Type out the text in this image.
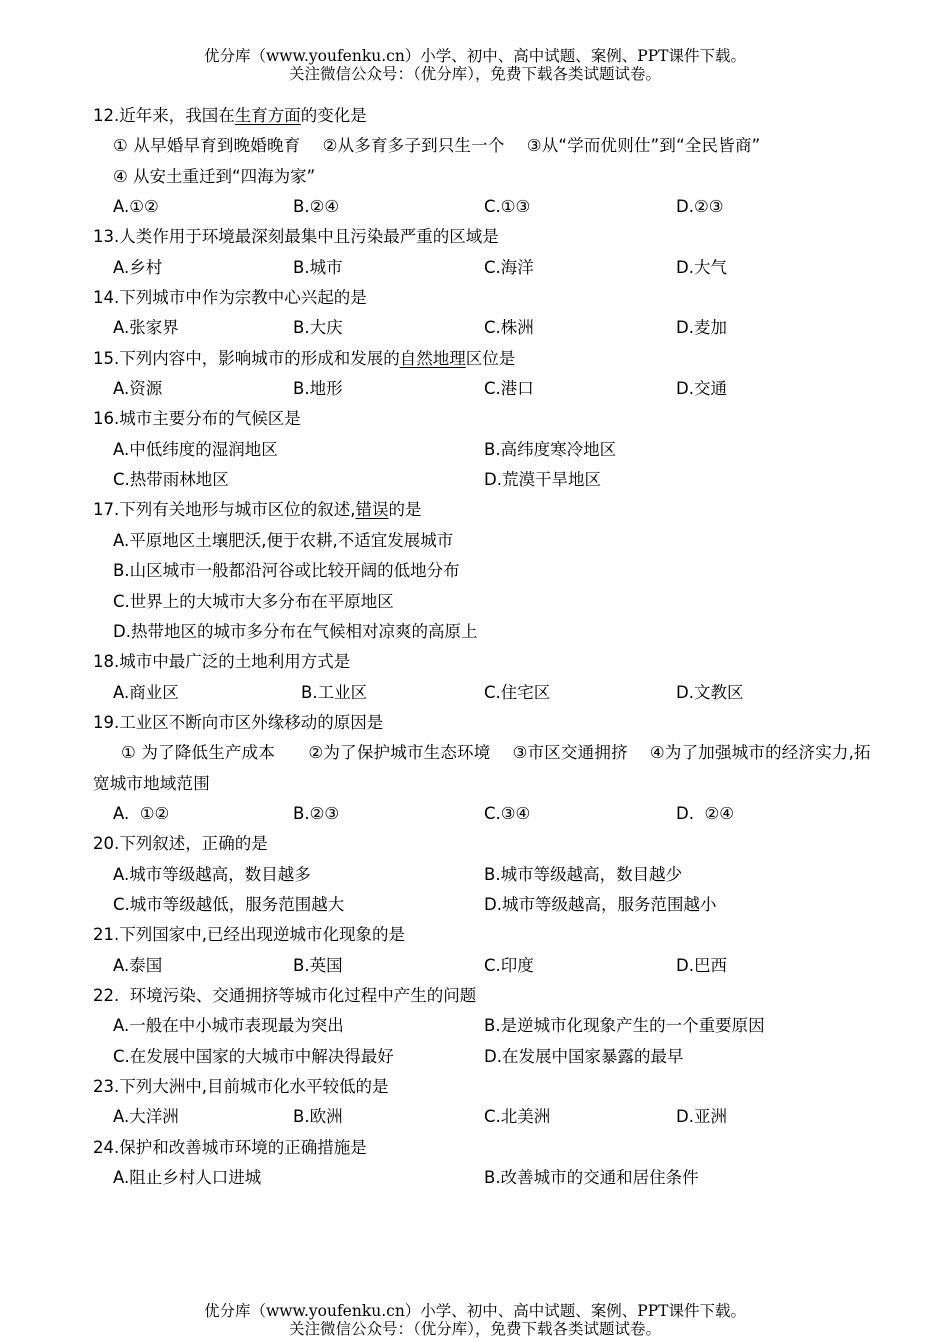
优分库（www.youfenku.cn）小学、初中、高中试题、案例、PPT课件下载。
关注微信公众号：（优分库），免费下载各类试题试卷。
12.近年来，我国在生育方面的变化是
① 从早婚早育到晚婚晚育　 ②从多育多子到只生一个　 ③从“学而优则仕”到“全民皆商”
④ 从安土重迁到“四海为家”
A.①②	B.②④	C.①③	D.②③
13.人类作用于环境最深刻最集中且污染最严重的区域是
A.乡村	B.城市	C.海洋	D.大气
14.下列城市中作为宗教中心兴起的是
A.张家界	B.大庆	C.株洲	D.麦加
15.下列内容中，影响城市的形成和发展的自然地理区位是
A.资源	B.地形	C.港口	D.交通
16.城市主要分布的气候区是
A.中低纬度的湿润地区	B.高纬度寒冷地区
C.热带雨林地区	D.荒漠干旱地区
17.下列有关地形与城市区位的叙述,错误的是
A.平原地区土壤肥沃,便于农耕,不适宜发展城市
B.山区城市一般都沿河谷或比较开阔的低地分布
C.世界上的大城市大多分布在平原地区
D.热带地区的城市多分布在气候相对凉爽的高原上
18.城市中最广泛的土地利用方式是
A.商业区	B.工业区	C.住宅区	D.文教区
19.工业区不断向市区外缘移动的原因是
① 为了降低生产成本　　②为了保护城市生态环境　 ③市区交通拥挤　 ④为了加强城市的经济实力,拓宽城市地域范围
A.  ①②	B.②③	C.③④	D.  ②④
20.下列叙述，正确的是
A.城市等级越高，数目越多	B.城市等级越高，数目越少
C.城市等级越低，服务范围越大	D.城市等级越高，服务范围越小
21.下列国家中,已经出现逆城市化现象的是
A.泰国	B.英国	C.印度	D.巴西
22.  环境污染、交通拥挤等城市化过程中产生的问题
A.一般在中小城市表现最为突出	B.是逆城市化现象产生的一个重要原因
C.在发展中国家的大城市中解决得最好	D.在发展中国家暴露的最早
23.下列大洲中,目前城市化水平较低的是
A.大洋洲	B.欧洲	C.北美洲	D.亚洲
24.保护和改善城市环境的正确措施是
A.阻止乡村人口进城	B.改善城市的交通和居住条件
优分库（www.youfenku.cn）小学、初中、高中试题、案例、PPT课件下载。
关注微信公众号：（优分库），免费下载各类试题试卷。
